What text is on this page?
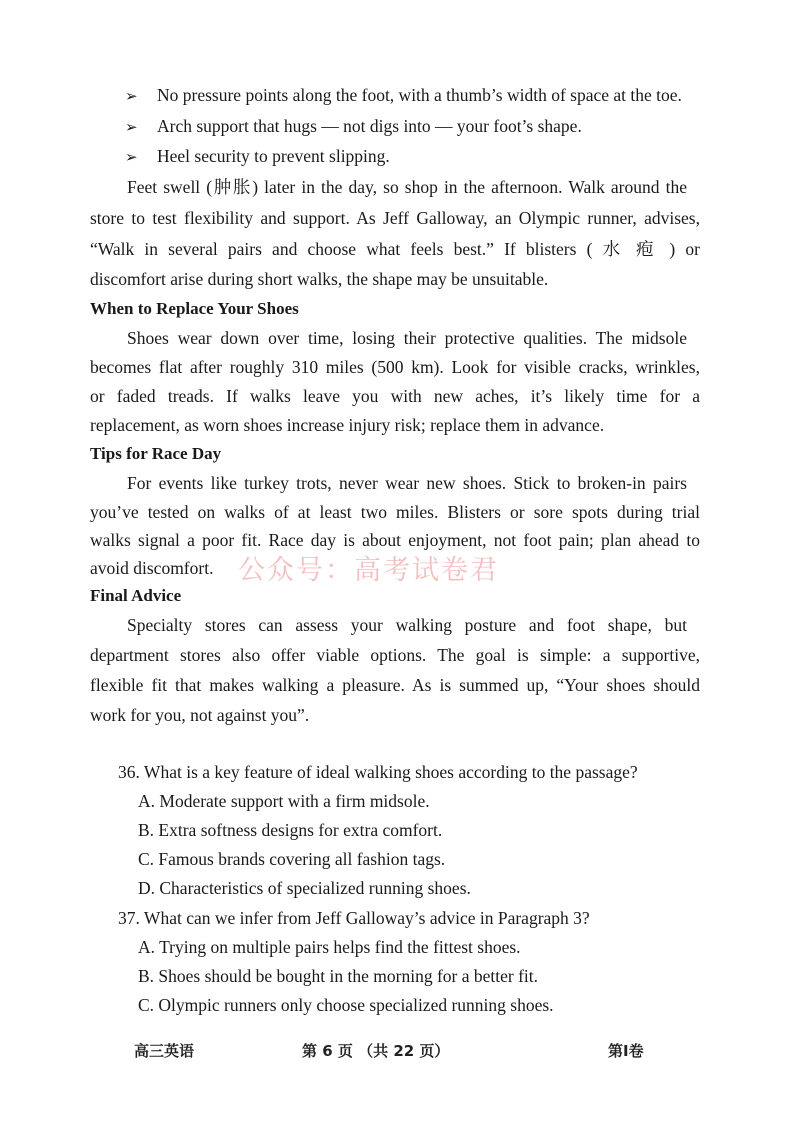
➢ No pressure points along the foot, with a thumb’s width of space at the toe.
➢ Arch support that hugs — not digs into — your foot’s shape.
➢ Heel security to prevent slipping.
Feet swell (肿胀) later in the day, so shop in the afternoon. Walk around the
store to test flexibility and support. As Jeff Galloway, an Olympic runner, advises,
“Walk in several pairs and choose what feels best.” If blisters ( 水 疱 ) or
discomfort arise during short walks, the shape may be unsuitable.
When to Replace Your Shoes
Shoes wear down over time, losing their protective qualities. The midsole
becomes flat after roughly 310 miles (500 km). Look for visible cracks, wrinkles,
or faded treads. If walks leave you with new aches, it’s likely time for a
replacement, as worn shoes increase injury risk; replace them in advance.
Tips for Race Day
For events like turkey trots, never wear new shoes. Stick to broken-in pairs
you’ve tested on walks of at least two miles. Blisters or sore spots during trial
walks signal a poor fit. Race day is about enjoyment, not foot pain; plan ahead to
avoid discomfort. 公众号：高考试卷君
Final Advice
Specialty stores can assess your walking posture and foot shape, but
department stores also offer viable options. The goal is simple: a supportive,
flexible fit that makes walking a pleasure. As is summed up, “Your shoes should
work for you, not against you”.
36. What is a key feature of ideal walking shoes according to the passage?
A. Moderate support with a firm midsole.
B. Extra softness designs for extra comfort.
C. Famous brands covering all fashion tags.
D. Characteristics of specialized running shoes.
37. What can we infer from Jeff Galloway’s advice in Paragraph 3?
A. Trying on multiple pairs helps find the fittest shoes.
B. Shoes should be bought in the morning for a better fit.
C. Olympic runners only choose specialized running shoes.
高三英语	第 6 页 （共 22 页）	第I卷
